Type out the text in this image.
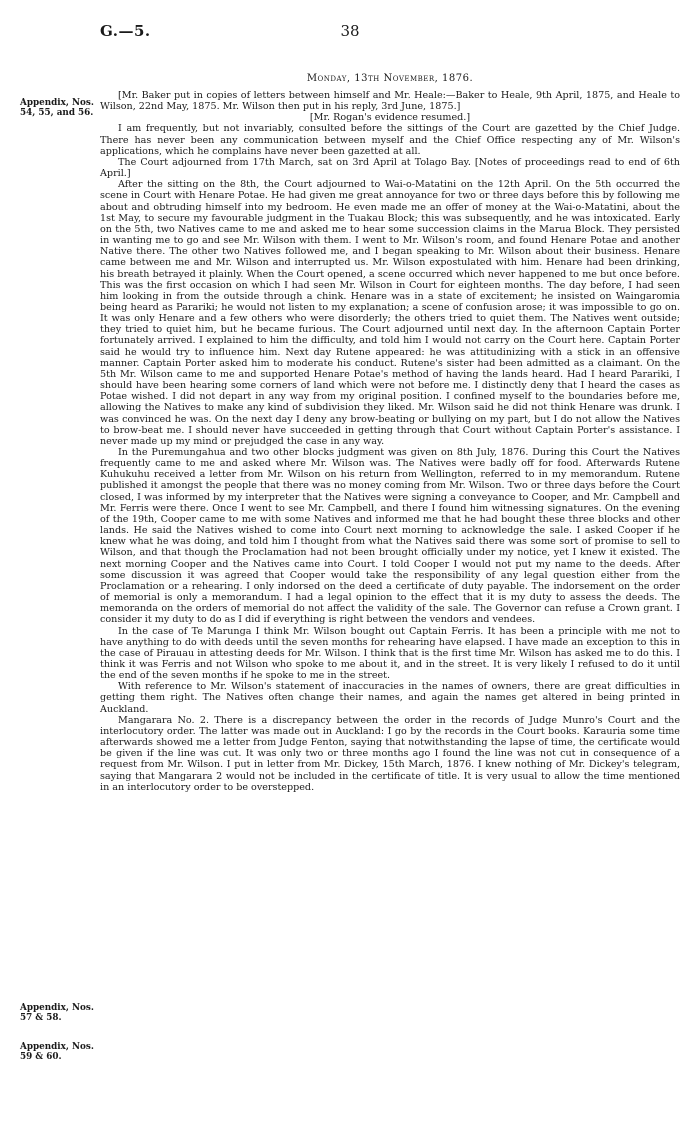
G.—5.	38
Monday, 13th November, 1876.
Appendix, Nos. 54, 55, and 56.
Appendix, Nos. 57 & 58.
Appendix, Nos. 59 & 60.

[Mr. Baker put in copies of letters between himself and Mr. Heale:—Baker to Heale, 9th April, 1875, and Heale to Wilson, 22nd May, 1875. Mr. Wilson then put in his reply, 3rd June, 1875.]

[Mr. Rogan's evidence resumed.]

I am frequently, but not invariably, consulted before the sittings of the Court are gazetted by the Chief Judge. There has never been any communication between myself and the Chief Office respecting any of Mr. Wilson's applications, which he complains have never been gazetted at all.

The Court adjourned from 17th March, sat on 3rd April at Tolago Bay. [Notes of proceedings read to end of 6th April.]

After the sitting on the 8th, the Court adjourned to Wai-o-Matatini on the 12th April. On the 5th occurred the scene in Court with Henare Potae. He had given me great annoyance for two or three days before this by following me about and obtruding himself into my bedroom. He even made me an offer of money at the Wai-o-Matatini, about the 1st May, to secure my favourable judgment in the Tuakau Block; this was subsequently, and he was intoxicated. Early on the 5th, two Natives came to me and asked me to hear some succession claims in the Marua Block. They persisted in wanting me to go and see Mr. Wilson with them. I went to Mr. Wilson's room, and found Henare Potae and another Native there. The other two Natives followed me, and I began speaking to Mr. Wilson about their business. Henare came between me and Mr. Wilson and interrupted us. Mr. Wilson expostulated with him. Henare had been drinking, his breath betrayed it plainly. When the Court opened, a scene occurred which never happened to me but once before. This was the first occasion on which I had seen Mr. Wilson in Court for eighteen months. The day before, I had seen him looking in from the outside through a chink. Henare was in a state of excitement; he insisted on Waingaromia being heard as Parariki; he would not listen to my explanation; a scene of confusion arose; it was impossible to go on. It was only Henare and a few others who were disorderly; the others tried to quiet them. The Natives went outside; they tried to quiet him, but he became furious. The Court adjourned until next day. In the afternoon Captain Porter fortunately arrived. I explained to him the difficulty, and told him I would not carry on the Court here. Captain Porter said he would try to influence him. Next day Rutene appeared: he was attitudinizing with a stick in an offensive manner. Captain Porter asked him to moderate his conduct. Rutene's sister had been admitted as a claimant. On the 5th Mr. Wilson came to me and supported Henare Potae's method of having the lands heard. Had I heard Parariki, I should have been hearing some corners of land which were not before me. I distinctly deny that I heard the cases as Potae wished. I did not depart in any way from my original position. I confined myself to the boundaries before me, allowing the Natives to make any kind of subdivision they liked. Mr. Wilson said he did not think Henare was drunk. I was convinced he was. On the next day I deny any brow-beating or bullying on my part, but I do not allow the Natives to brow-beat me. I should never have succeeded in getting through that Court without Captain Porter's assistance. I never made up my mind or prejudged the case in any way.

In the Puremungahua and two other blocks judgment was given on 8th July, 1876. During this Court the Natives frequently came to me and asked where Mr. Wilson was. The Natives were badly off for food. Afterwards Rutene Kuhukuhu received a letter from Mr. Wilson on his return from Wellington, referred to in my memorandum. Rutene published it amongst the people that there was no money coming from Mr. Wilson. Two or three days before the Court closed, I was informed by my interpreter that the Natives were signing a conveyance to Cooper, and Mr. Campbell and Mr. Ferris were there. Once I went to see Mr. Campbell, and there I found him witnessing signatures. On the evening of the 19th, Cooper came to me with some Natives and informed me that he had bought these three blocks and other lands. He said the Natives wished to come into Court next morning to acknowledge the sale. I asked Cooper if he knew what he was doing, and told him I thought from what the Natives said there was some sort of promise to sell to Wilson, and that though the Proclamation had not been brought officially under my notice, yet I knew it existed. The next morning Cooper and the Natives came into Court. I told Cooper I would not put my name to the deeds. After some discussion it was agreed that Cooper would take the responsibility of any legal question either from the Proclamation or a rehearing. I only indorsed on the deed a certificate of duty payable. The indorsement on the order of memorial is only a memorandum. I had a legal opinion to the effect that it is my duty to assess the deeds. The memoranda on the orders of memorial do not affect the validity of the sale. The Governor can refuse a Crown grant. I consider it my duty to do as I did if everything is right between the vendors and vendees.

In the case of Te Marunga I think Mr. Wilson bought out Captain Ferris. It has been a principle with me not to have anything to do with deeds until the seven months for rehearing have elapsed. I have made an exception to this in the case of Pirauau in attesting deeds for Mr. Wilson. I think that is the first time Mr. Wilson has asked me to do this. I think it was Ferris and not Wilson who spoke to me about it, and in the street. It is very likely I refused to do it until the end of the seven months if he spoke to me in the street.

With reference to Mr. Wilson's statement of inaccuracies in the names of owners, there are great difficulties in getting them right. The Natives often change their names, and again the names get altered in being printed in Auckland.

Mangarara No. 2. There is a discrepancy between the order in the records of Judge Munro's Court and the interlocutory order. The latter was made out in Auckland: I go by the records in the Court books. Karauria some time afterwards showed me a letter from Judge Fenton, saying that notwithstanding the lapse of time, the certificate would be given if the line was cut. It was only two or three months ago I found the line was not cut in consequence of a request from Mr. Wilson. I put in letter from Mr. Dickey, 15th March, 1876. I knew nothing of Mr. Dickey's telegram, saying that Mangarara 2 would not be included in the certificate of title. It is very usual to allow the time mentioned in an interlocutory order to be overstepped.
